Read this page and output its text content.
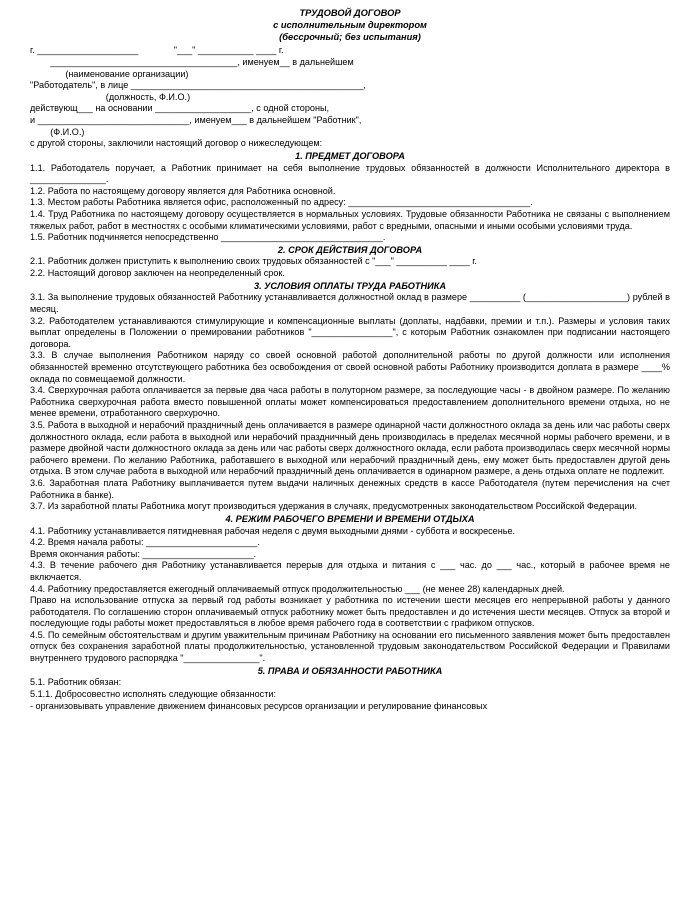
ТРУДОВОЙ ДОГОВОР

с исполнительным директором

(бессрочный; без испытания)

г. ____________________              "___" ___________ ____ г.

_____________________________________, именуем__ в дальнейшем

(наименование организации)

"Работодатель", в лице ______________________________________________,

(должность, Ф.И.О.)

действующ___ на основании ___________________, с одной стороны,

и ______________________________, именуем___ в дальнейшем "Работник",

(Ф.И.О.)

с другой стороны, заключили настоящий договор о нижеследующем:

1. ПРЕДМЕТ ДОГОВОРА

1.1. Работодатель поручает, а Работник принимает на себя выполнение трудовых обязанностей в должности Исполнительного директора в _______________.

1.2. Работа по настоящему договору является для Работника основной.

1.3. Местом работы Работника является офис, расположенный по адресу: ____________________________________.

1.4. Труд Работника по настоящему договору осуществляется в нормальных условиях. Трудовые обязанности Работника не связаны с выполнением тяжелых работ, работ в местностях с особыми климатическими условиями, работ с вредными, опасными и иными особыми условиями труда.

1.5. Работник подчиняется непосредственно ________________________________.

2. СРОК ДЕЙСТВИЯ ДОГОВОРА

2.1. Работник должен приступить к выполнению своих трудовых обязанностей с "___" __________ ____ г.

2.2. Настоящий договор заключен на неопределенный срок.

3. УСЛОВИЯ ОПЛАТЫ ТРУДА РАБОТНИКА

3.1. За выполнение трудовых обязанностей Работнику устанавливается должностной оклад в размере __________ (____________________) рублей в месяц.

3.2. Работодателем устанавливаются стимулирующие и компенсационные выплаты (доплаты, надбавки, премии и т.п.). Размеры и условия таких выплат определены в Положении о премировании работников "________________", с которым Работник ознакомлен при подписании настоящего договора.

3.3. В случае выполнения Работником наряду со своей основной работой дополнительной работы по другой должности или исполнения обязанностей временно отсутствующего работника без освобождения от своей основной работы Работнику производится доплата в размере ____% оклада по совмещаемой должности.

3.4. Сверхурочная работа оплачивается за первые два часа работы в полуторном размере, за последующие часы - в двойном размере. По желанию Работника сверхурочная работа вместо повышенной оплаты может компенсироваться предоставлением дополнительного времени отдыха, но не менее времени, отработанного сверхурочно.

3.5. Работа в выходной и нерабочий праздничный день оплачивается в размере одинарной части должностного оклада за день или час работы сверх должностного оклада, если работа в выходной или нерабочий праздничный день производилась в пределах месячной нормы рабочего времени, и в размере двойной части должностного оклада за день или час работы сверх должностного оклада, если работа производилась сверх месячной нормы рабочего времени. По желанию Работника, работавшего в выходной или нерабочий праздничный день, ему может быть предоставлен другой день отдыха. В этом случае работа в выходной или нерабочий праздничный день оплачивается в одинарном размере, а день отдыха оплате не подлежит.

3.6. Заработная плата Работнику выплачивается путем выдачи наличных денежных средств в кассе Работодателя (путем перечисления на счет Работника в банке).

3.7. Из заработной платы Работника могут производиться удержания в случаях, предусмотренных законодательством Российской Федерации.

4. РЕЖИМ РАБОЧЕГО ВРЕМЕНИ И ВРЕМЕНИ ОТДЫХА

4.1. Работнику устанавливается пятидневная рабочая неделя с двумя выходными днями - суббота и воскресенье.

4.2. Время начала работы: ______________________.

Время окончания работы: ______________________.

4.3. В течение рабочего дня Работнику устанавливается перерыв для отдыха и питания с ___ час. до ___ час., который в рабочее время не включается.

4.4. Работнику предоставляется ежегодный оплачиваемый отпуск продолжительностью ___ (не менее 28) календарных дней.

Право на использование отпуска за первый год работы возникает у работника по истечении шести месяцев его непрерывной работы у данного работодателя. По соглашению сторон оплачиваемый отпуск работнику может быть предоставлен и до истечения шести месяцев. Отпуск за второй и последующие годы работы может предоставляться в любое время рабочего года в соответствии с графиком отпусков.

4.5. По семейным обстоятельствам и другим уважительным причинам Работнику на основании его письменного заявления может быть предоставлен отпуск без сохранения заработной платы продолжительностью, установленной трудовым законодательством Российской Федерации и Правилами внутреннего трудового распорядка "_______________".

5. ПРАВА И ОБЯЗАННОСТИ РАБОТНИКА

5.1. Работник обязан:

5.1.1. Добросовестно исполнять следующие обязанности:

- организовывать управление движением финансовых ресурсов организации и регулирование финансовых
